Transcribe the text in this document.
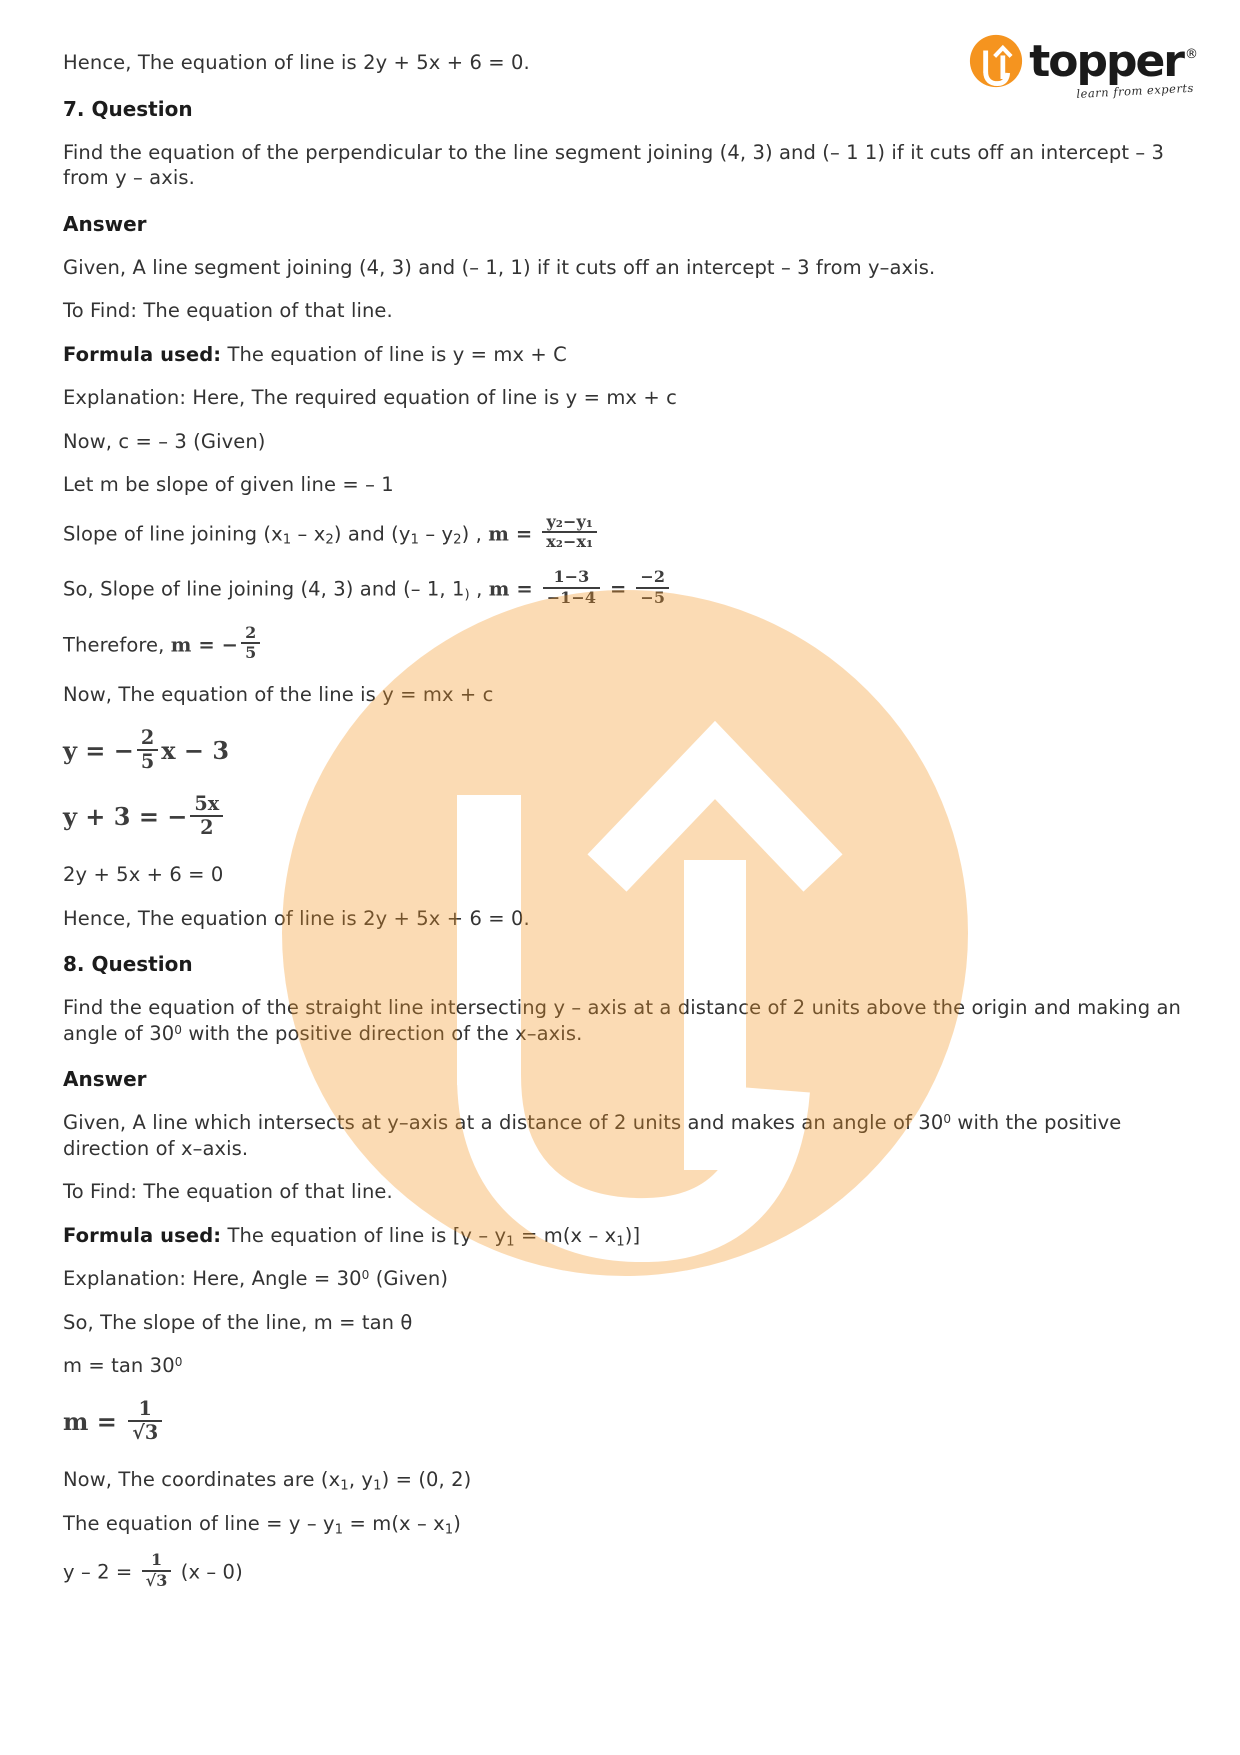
Hence, The equation of line is 2y + 5x + 6 = 0.
7. Question
Find the equation of the perpendicular to the line segment joining (4, 3) and (– 1 1) if it cuts off an intercept – 3 from y – axis.
Answer
Given, A line segment joining (4, 3) and (– 1, 1) if it cuts off an intercept – 3 from y–axis.
To Find: The equation of that line.
Formula used: The equation of line is y = mx + C
Explanation: Here, The required equation of line is y = mx + c
Now, c = – 3 (Given)
Let m be slope of given line = – 1
Slope of line joining $(x_1 - x_2)$ and $(y_1 - y_2)$ , $m = \frac{\text{y₂−y₁}}{\text{x₂−x₁}}$
So, Slope of line joining (4, 3) and (– 1, $1_)$ , $m = \frac{1-3}{-1-4} = \frac{-2}{-5}$
Therefore, m = − $\frac{2}{5}$
Now, The equation of the line is y = mx + c
y = − $\frac{2}{5}$ x − 3
y + 3 = − $\frac{5x}{2}$
2y + 5x + 6 = 0
Hence, The equation of line is 2y + 5x + 6 = 0.
8. Question
Find the equation of the straight line intersecting y – axis at a distance of 2 units above the origin and making an angle of $30^0$ with the positive direction of the x–axis.
Answer
Given, A line which intersects at y–axis at a distance of 2 units and makes an angle of $30^0$ with the positive direction of x–axis.
To Find: The equation of that line.
Formula used: The equation of line is $[y - y_1 = m(x - x_1)]$
Explanation: Here, Angle = $30^0$ (Given)
So, The slope of the line, m = tan θ
$m = \tan 30^0$
$m = \frac{1}{√3}$
Now, The coordinates are ($x_1$, $y_1) = (0$, 2)
The equation of line = $y - y_1 = m(x - x_1)$
$y - 2 = \frac{1}{√3} (x - 0)$
topper ®
learn from experts
